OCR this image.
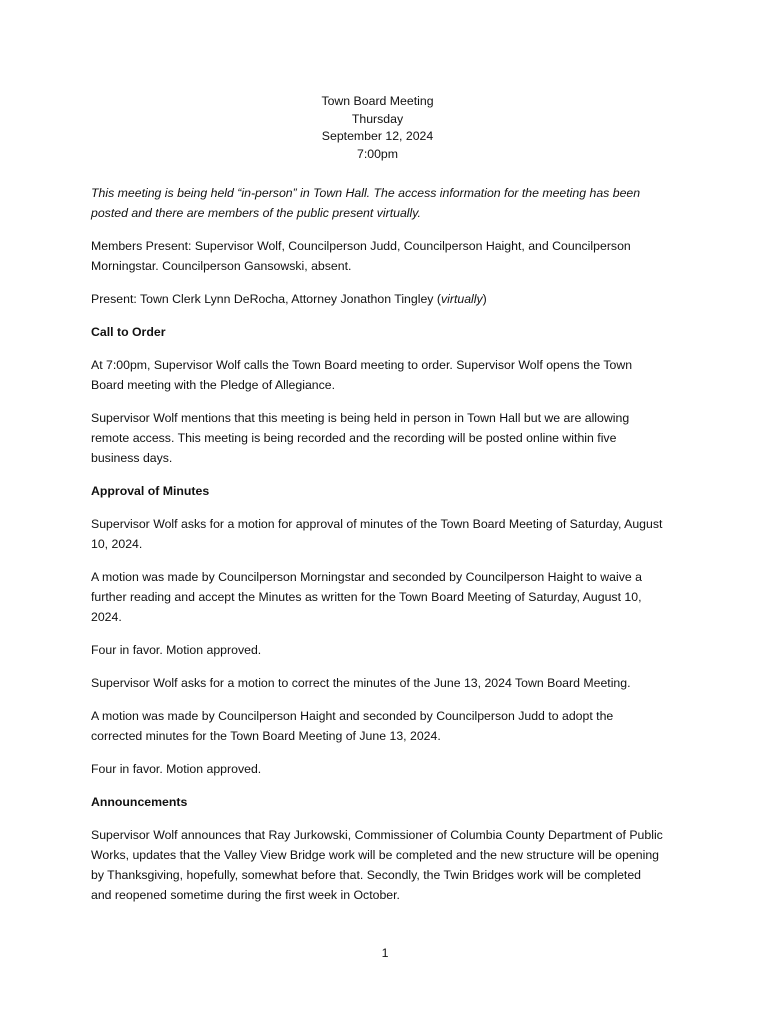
Town Board Meeting
Thursday
September 12, 2024
7:00pm

This meeting is being held “in-person” in Town Hall. The access information for the meeting has been posted and there are members of the public present virtually.

Members Present: Supervisor Wolf, Councilperson Judd, Councilperson Haight, and Councilperson Morningstar. Councilperson Gansowski, absent.

Present: Town Clerk Lynn DeRocha, Attorney Jonathon Tingley (virtually)

Call to Order

At 7:00pm, Supervisor Wolf calls the Town Board meeting to order. Supervisor Wolf opens the Town Board meeting with the Pledge of Allegiance.

Supervisor Wolf mentions that this meeting is being held in person in Town Hall but we are allowing remote access. This meeting is being recorded and the recording will be posted online within five business days.

Approval of Minutes

Supervisor Wolf asks for a motion for approval of minutes of the Town Board Meeting of Saturday, August 10, 2024.

A motion was made by Councilperson Morningstar and seconded by Councilperson Haight to waive a further reading and accept the Minutes as written for the Town Board Meeting of Saturday, August 10, 2024.

Four in favor. Motion approved.

Supervisor Wolf asks for a motion to correct the minutes of the June 13, 2024 Town Board Meeting.

A motion was made by Councilperson Haight and seconded by Councilperson Judd to adopt the corrected minutes for the Town Board Meeting of June 13, 2024.

Four in favor. Motion approved.

Announcements

Supervisor Wolf announces that Ray Jurkowski, Commissioner of Columbia County Department of Public Works, updates that the Valley View Bridge work will be completed and the new structure will be opening by Thanksgiving, hopefully, somewhat before that. Secondly, the Twin Bridges work will be completed and reopened sometime during the first week in October.

1
